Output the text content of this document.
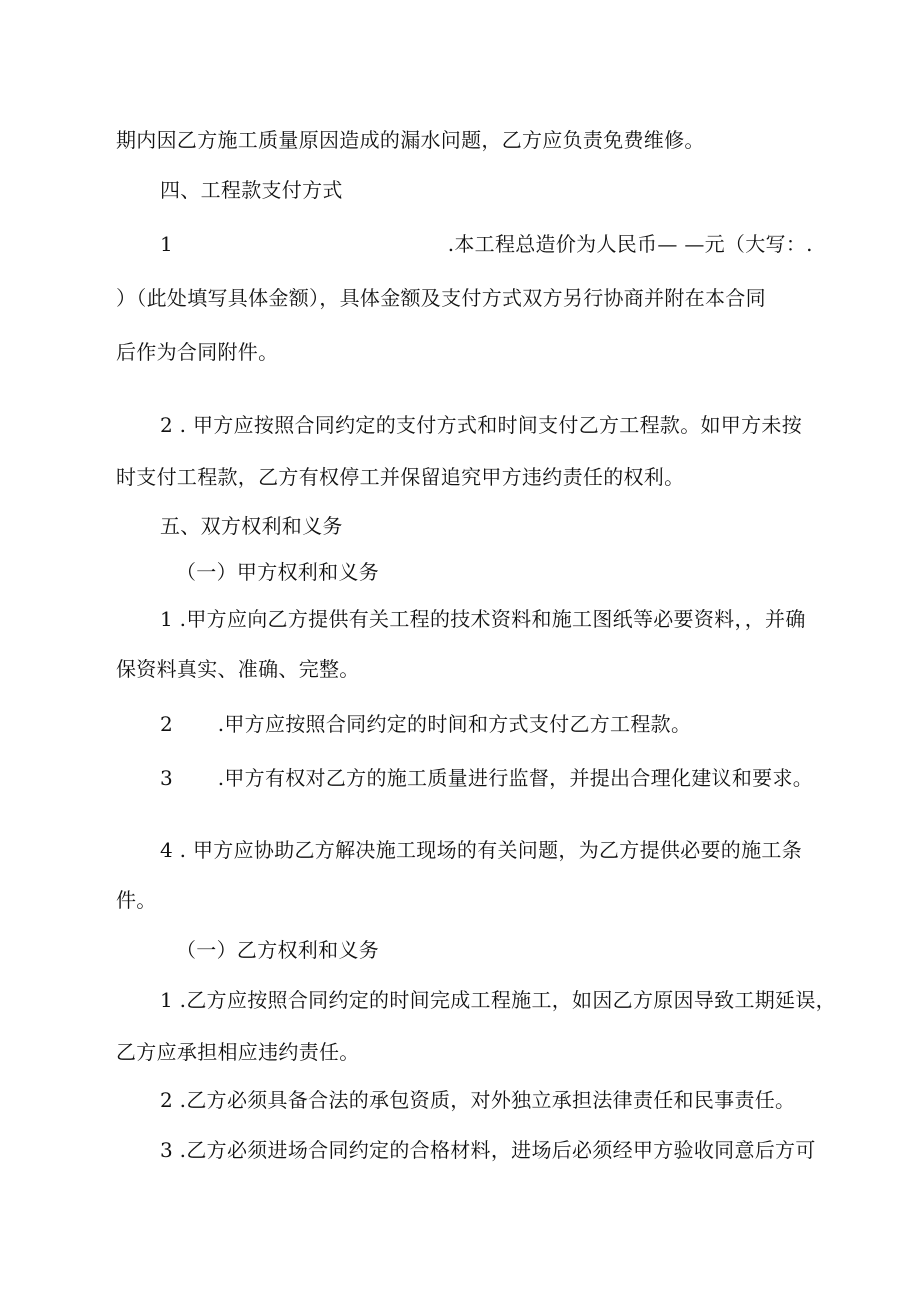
期内因乙方施工质量原因造成的漏水问题，乙方应负责免费维修。
四、工程款支付方式
1	.本工程总造价为人民币— —元（大写：.
）（此处填写具体金额），具体金额及支付方式双方另行协商并附在本合同
后作为合同附件。
2 . 甲方应按照合同约定的支付方式和时间支付乙方工程款。如甲方未按
时支付工程款，乙方有权停工并保留追究甲方违约责任的权利。
五、双方权利和义务
（一）甲方权利和义务
1 .甲方应向乙方提供有关工程的技术资料和施工图纸等必要资料，，并确
保资料真实、准确、完整。
2 .甲方应按照合同约定的时间和方式支付乙方工程款。
3 .甲方有权对乙方的施工质量进行监督，并提出合理化建议和要求。
4 . 甲方应协助乙方解决施工现场的有关问题，为乙方提供必要的施工条
件。
（一）乙方权利和义务
1 .乙方应按照合同约定的时间完成工程施工，如因乙方原因导致工期延误，
乙方应承担相应违约责任。
2 .乙方必须具备合法的承包资质，对外独立承担法律责任和民事责任。
3 .乙方必须进场合同约定的合格材料，进场后必须经甲方验收同意后方可
